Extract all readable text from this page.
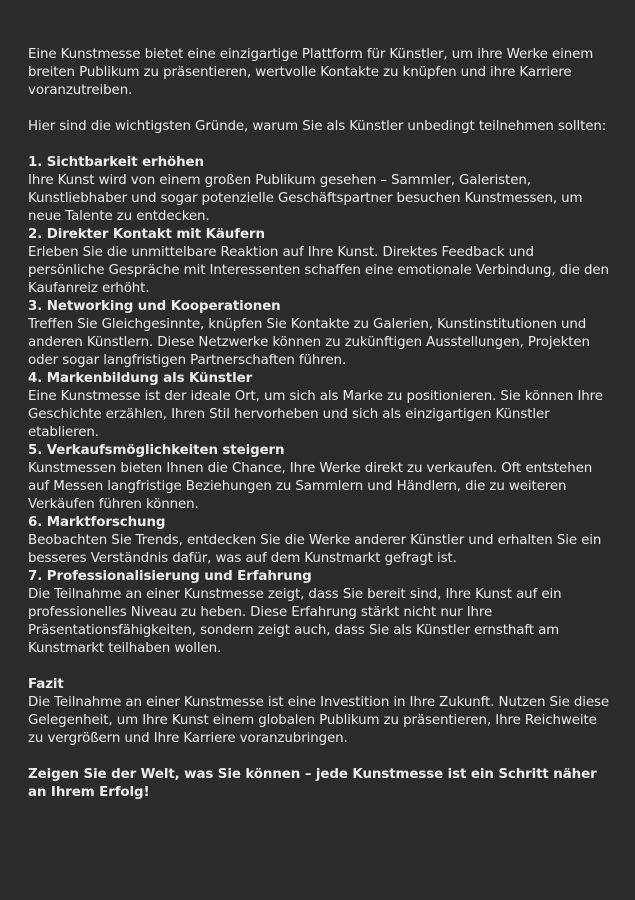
Eine Kunstmesse bietet eine einzigartige Plattform für Künstler, um ihre Werke einem breiten Publikum zu präsentieren, wertvolle Kontakte zu knüpfen und ihre Karriere voranzutreiben.

Hier sind die wichtigsten Gründe, warum Sie als Künstler unbedingt teilnehmen sollten:

1. Sichtbarkeit erhöhen

Ihre Kunst wird von einem großen Publikum gesehen – Sammler, Galeristen, Kunstliebhaber und sogar potenzielle Geschäftspartner besuchen Kunstmessen, um neue Talente zu entdecken.

2. Direkter Kontakt mit Käufern

Erleben Sie die unmittelbare Reaktion auf Ihre Kunst. Direktes Feedback und persönliche Gespräche mit Interessenten schaffen eine emotionale Verbindung, die den Kaufanreiz erhöht.

3. Networking und Kooperationen

Treffen Sie Gleichgesinnte, knüpfen Sie Kontakte zu Galerien, Kunstinstitutionen und anderen Künstlern. Diese Netzwerke können zu zukünftigen Ausstellungen, Projekten oder sogar langfristigen Partnerschaften führen.

4. Markenbildung als Künstler

Eine Kunstmesse ist der ideale Ort, um sich als Marke zu positionieren. Sie können Ihre Geschichte erzählen, Ihren Stil hervorheben und sich als einzigartigen Künstler etablieren.

5. Verkaufsmöglichkeiten steigern

Kunstmessen bieten Ihnen die Chance, Ihre Werke direkt zu verkaufen. Oft entstehen auf Messen langfristige Beziehungen zu Sammlern und Händlern, die zu weiteren Verkäufen führen können.

6. Marktforschung

Beobachten Sie Trends, entdecken Sie die Werke anderer Künstler und erhalten Sie ein besseres Verständnis dafür, was auf dem Kunstmarkt gefragt ist.

7. Professionalisierung und Erfahrung

Die Teilnahme an einer Kunstmesse zeigt, dass Sie bereit sind, Ihre Kunst auf ein professionelles Niveau zu heben. Diese Erfahrung stärkt nicht nur Ihre Präsentationsfähigkeiten, sondern zeigt auch, dass Sie als Künstler ernsthaft am Kunstmarkt teilhaben wollen.

Fazit

Die Teilnahme an einer Kunstmesse ist eine Investition in Ihre Zukunft. Nutzen Sie diese Gelegenheit, um Ihre Kunst einem globalen Publikum zu präsentieren, Ihre Reichweite zu vergrößern und Ihre Karriere voranzubringen.

Zeigen Sie der Welt, was Sie können – jede Kunstmesse ist ein Schritt näher an Ihrem Erfolg!
